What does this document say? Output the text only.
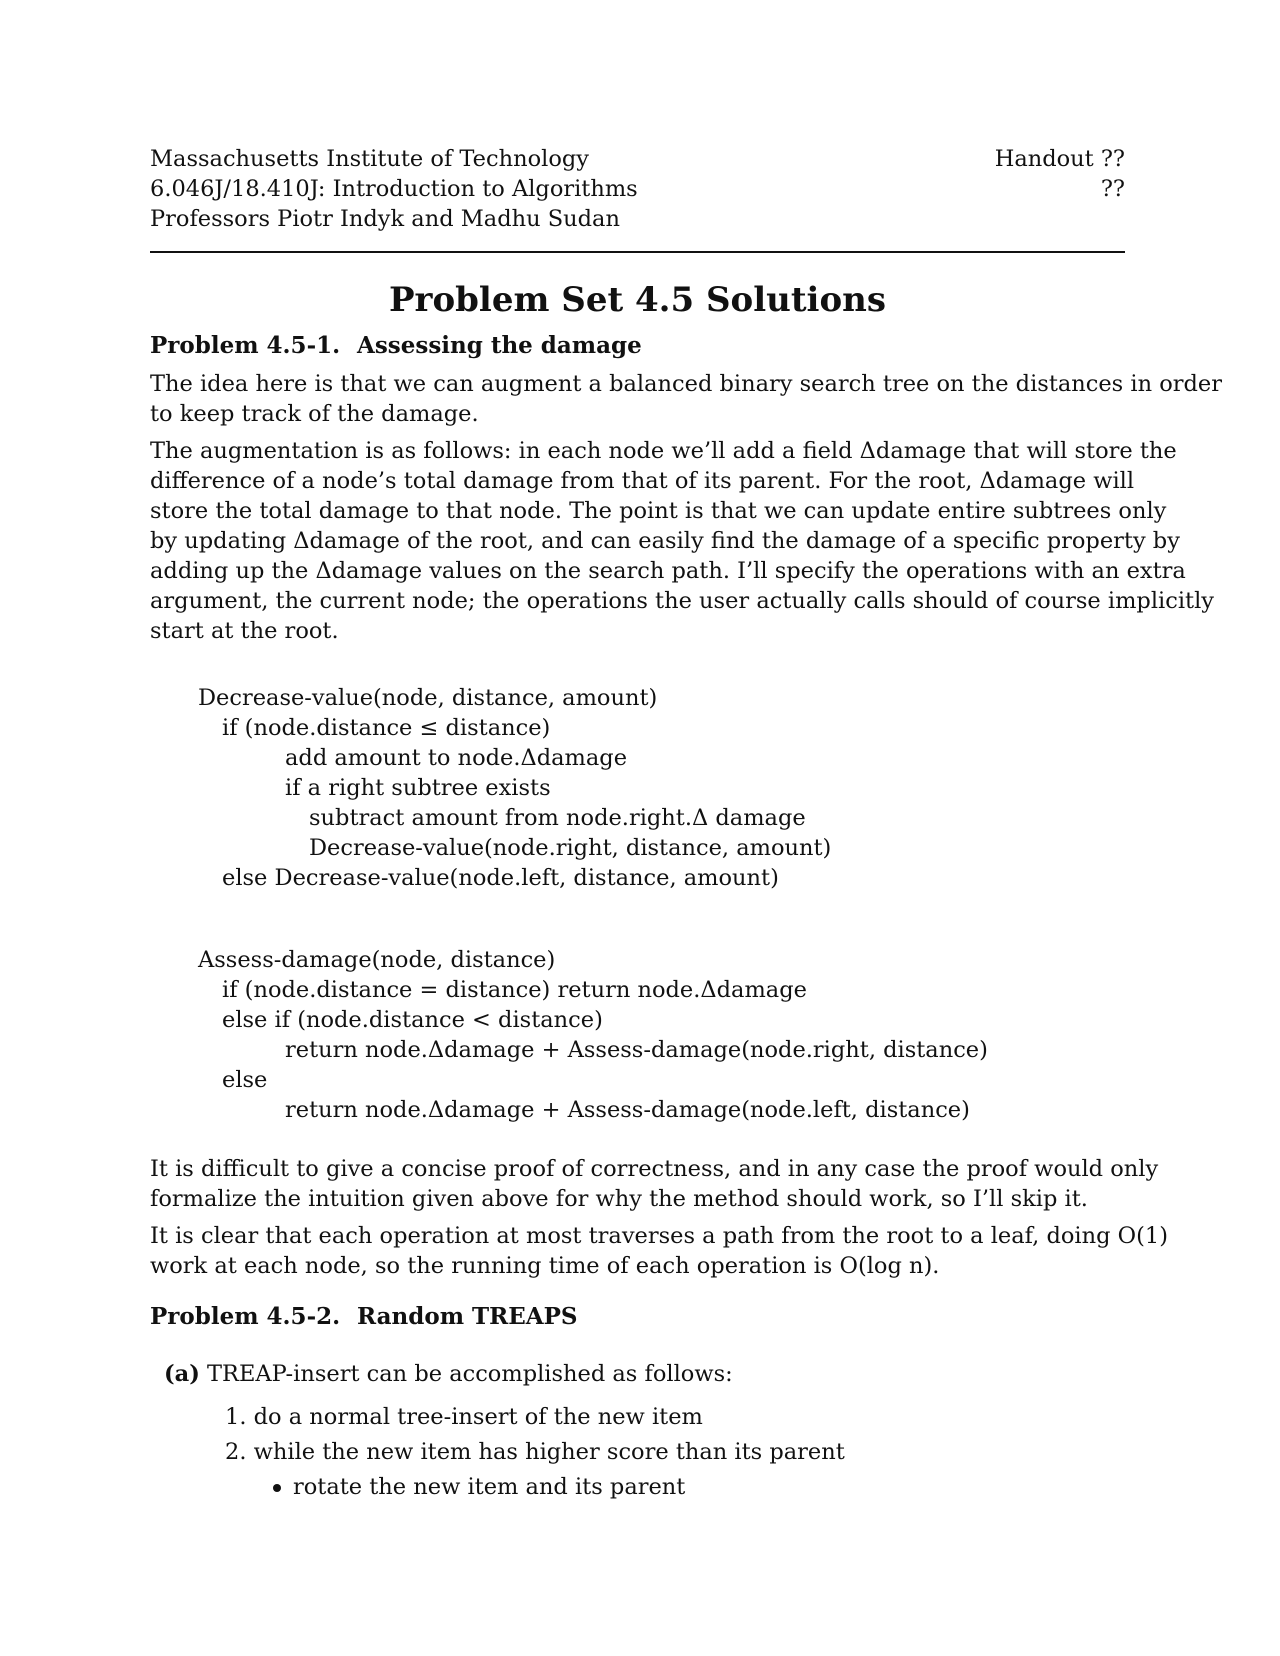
Massachusetts Institute of Technology
6.046J/18.410J: Introduction to Algorithms
Professors Piotr Indyk and Madhu Sudan
Handout ??
??
Problem Set 4.5 Solutions
Problem 4.5-1. Assessing the damage
The idea here is that we can augment a balanced binary search tree on the distances in order
to keep track of the damage.
The augmentation is as follows: in each node we’ll add a field Δdamage that will store the
difference of a node’s total damage from that of its parent. For the root, Δdamage will
store the total damage to that node. The point is that we can update entire subtrees only
by updating Δdamage of the root, and can easily find the damage of a specific property by
adding up the Δdamage values on the search path. I’ll specify the operations with an extra
argument, the current node; the operations the user actually calls should of course implicitly
start at the root.
Decrease-value(node, distance, amount)
if (node.distance ≤ distance)
add amount to node.Δdamage
if a right subtree exists
subtract amount from node.right.Δ damage
Decrease-value(node.right, distance, amount)
else Decrease-value(node.left, distance, amount)
Assess-damage(node, distance)
if (node.distance = distance) return node.Δdamage
else if (node.distance < distance)
return node.Δdamage + Assess-damage(node.right, distance)
else
return node.Δdamage + Assess-damage(node.left, distance)
It is difficult to give a concise proof of correctness, and in any case the proof would only
formalize the intuition given above for why the method should work, so I’ll skip it.
It is clear that each operation at most traverses a path from the root to a leaf, doing O(1)
work at each node, so the running time of each operation is O(log n).
Problem 4.5-2. Random TREAPS
(a) TREAP-insert can be accomplished as follows:
1. do a normal tree-insert of the new item
2. while the new item has higher score than its parent
rotate the new item and its parent
